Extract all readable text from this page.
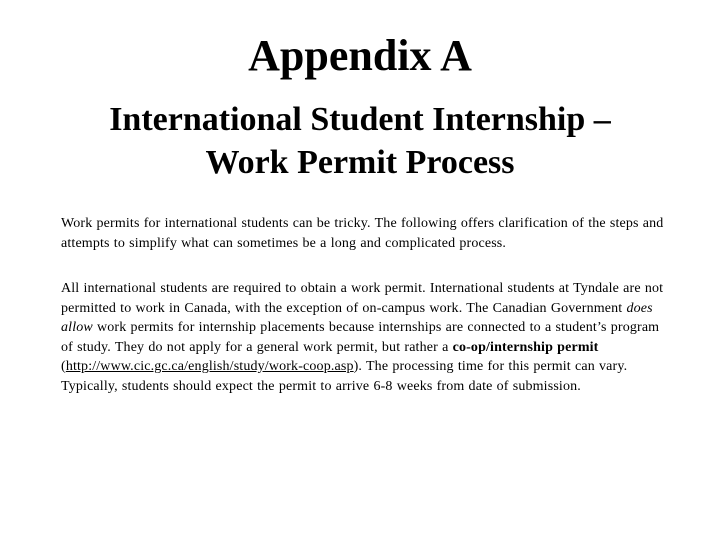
Appendix A
International Student Internship –
Work Permit Process

Work permits for international students can be tricky. The following offers clarification of the steps and attempts to simplify what can sometimes be a long and complicated process.

All international students are required to obtain a work permit. International students at Tyndale are not permitted to work in Canada, with the exception of on-campus work. The Canadian Government does allow work permits for internship placements because internships are connected to a student’s program of study. They do not apply for a general work permit, but rather a co-op/internship permit (http://www.cic.gc.ca/english/study/work-coop.asp). The processing time for this permit can vary. Typically, students should expect the permit to arrive 6-8 weeks from date of submission.
